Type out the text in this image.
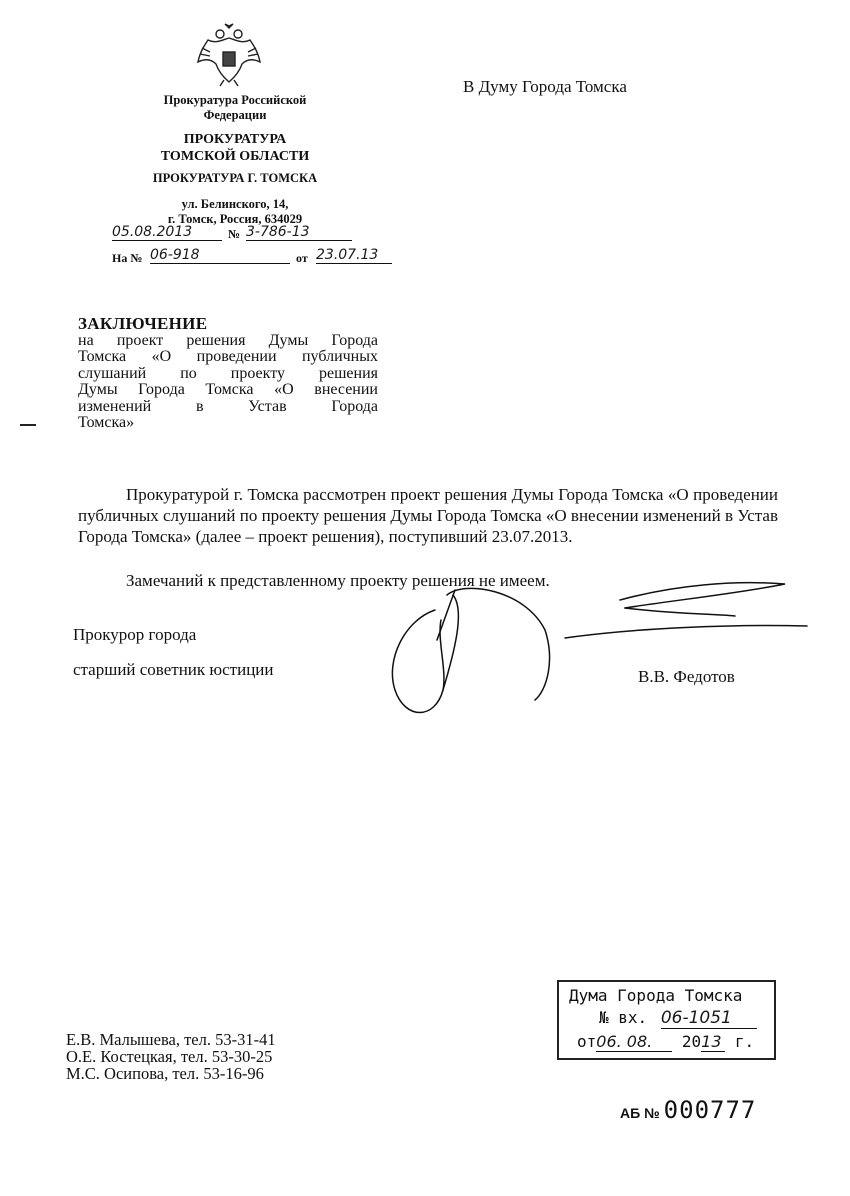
Прокуратура Российской
Федерации
ПРОКУРАТУРА
ТОМСКОЙ ОБЛАСТИ
ПРОКУРАТУРА Г. ТОМСКА
ул. Белинского, 14,
г. Томск, Россия, 634029
05.08.2013	№ 3-786-13
На № 06-918	от 23.07.13
В Думу Города Томска
ЗАКЛЮЧЕНИЕ
на проект решения Думы Города
Томска «О проведении публичных
слушаний по проекту решения
Думы Города Томска «О внесении
изменений в Устав Города
Томска»
Прокуратурой г. Томска рассмотрен проект решения Думы Города Томска «О проведении публичных слушаний по проекту решения Думы Города Томска «О внесении изменений в Устав Города Томска» (далее – проект решения), поступивший 23.07.2013.
Замечаний к представленному проекту решения не имеем.
Прокурор города
старший советник юстиции	В.В. Федотов
Е.В. Малышева, тел. 53-31-41
О.Е. Костецкая, тел. 53-30-25
М.С. Осипова, тел. 53-16-96
Дума Города Томска
№ вх. 06-1051
от06. 08. 2013 г.
АБ № 000777
